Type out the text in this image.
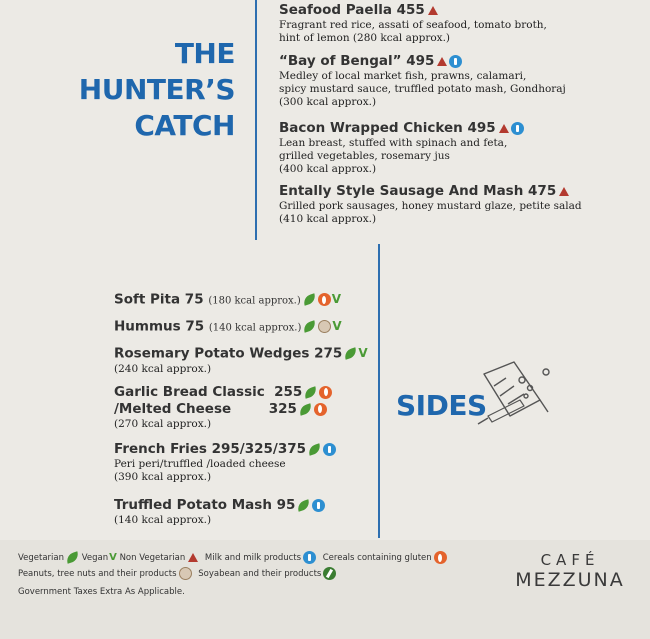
THE
HUNTER’S
CATCH
Seafood Paella 455
Fragrant red rice, assati of seafood, tomato broth,
hint of lemon (280 kcal approx.)
“Bay of Bengal” 495
Medley of local market fish, prawns, calamari,
spicy mustard sauce, truffled potato mash, Gondhoraj
(300 kcal approx.)
Bacon Wrapped Chicken 495
Lean breast, stuffed with spinach and feta,
grilled vegetables, rosemary jus
(400 kcal approx.)
Entally Style Sausage And Mash 475
Grilled pork sausages, honey mustard glaze, petite salad
(410 kcal approx.)
Soft Pita 75 (180 kcal approx.)	V
Hummus 75 (140 kcal approx.)	V
Rosemary Potato Wedges 275 V
(240 kcal approx.)
Garlic Bread Classic  255
/Melted Cheese        325
(270 kcal approx.)
French Fries 295/325/375
Peri peri/truffled /loaded cheese
(390 kcal approx.)
Truffled Potato Mash 95
(140 kcal approx.)
SIDES
Vegetarian VeganV Non Vegetarian Milk and milk products	Cereals containing gluten
Peanuts, tree nuts and their products	Soyabean and their products
Government Taxes Extra As Applicable.
CAFÉ
MEZZUNA
